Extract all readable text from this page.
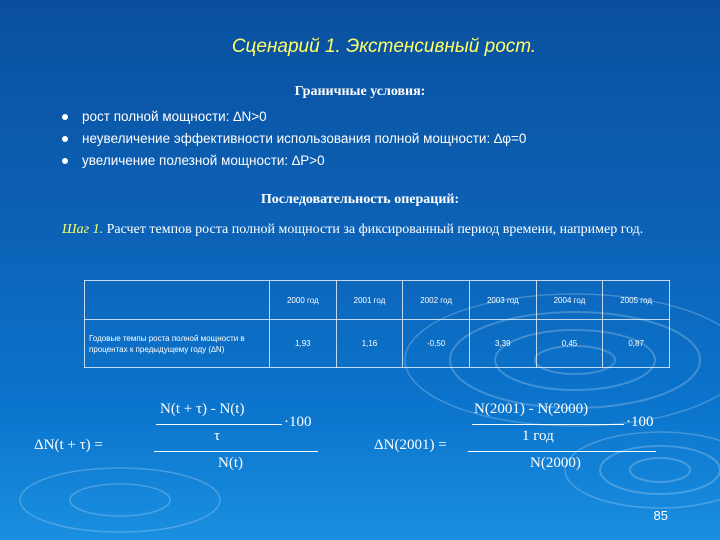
Сценарий 1. Экстенсивный рост.
Граничные условия:
рост полной мощности: ∆N>0
неувеличение эффективности использования полной мощности: ∆φ=0
увеличение полезной мощности: ∆P>0
Последовательность операций:
Шаг 1. Расчет темпов роста полной мощности за фиксированный период времени, например год.
	2000 год	2001 год	2002 год	2003 год	2004 год	2005 год
Годовые темпы роста полной мощности в процентах к предыдущему году (∆N)	1,93	1,16	-0,50	3,39	0,45	0,87
ΔN(t + τ) =
N(t + τ) - N(t)
τ
·100
N(t)
ΔN(2001) =
N(2001) - N(2000)
1 год
·100
N(2000)
85
